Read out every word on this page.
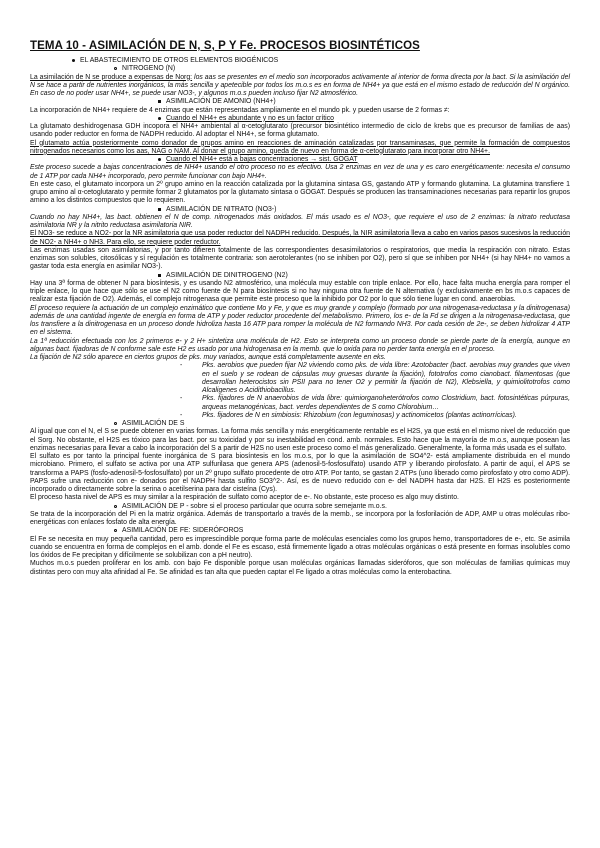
TEMA 10 - ASIMILACIÓN DE N, S, P Y Fe. PROCESOS BIOSINTÉTICOS
EL ABASTECIMIENTO DE OTROS ELEMENTOS BIOGÉNICOS
NITROGENO (N)

La asimilación de N se produce a expensas de Norg: los aas se presentes en el medio son incorporados activamente al interior de forma directa por la bact. Si la asimilación del N se hace a partir de nutrientes inorgánicos, la más sencilla y apetecible por todos los m.o.s es en forma de NH4+ ya que está en el mismo estado de reducción del N orgánico. En caso de no poder usar NH4+, se puede usar NO3-, y algunos m.o.s pueden incluso fijar N2 atmosférico.

ASIMILACIÓN DE AMONIO (NH4+)

La incorporación de NH4+ requiere de 4 enzimas que están representadas ampliamente en el mundo pk. y pueden usarse de 2 formas ≠:

Cuando el NH4+ es abundante y no es un factor crítico

La glutamato deshidrogenasa GDH incopora el NH4+ ambiental al α-cetoglutarato (precursor biosintético intermedio de ciclo de krebs que es precursor de familias de aas) usando poder reductor en forma de NADPH reducido. Al adoptar el NH4+, se forma glutamato.

El glutamato actúa posteriormente como donador de grupos amino en reacciones de aminación catalizadas por transaminasas, que permite la formación de compuestos nitrogenados necesarios como los aas, NAG o NAM. Al donar el grupo amino, queda de nuevo en forma de α-cetoglutarato para incorporar otro NH4+.

Cuando el NH4+ está a bajas concentraciones → sist. GOGAT

Este proceso sucede a bajas concentraciones de NH4+ usando el otro proceso no es efectivo. Usa 2 enzimas en vez de una y es caro energéticamente: necesita el consumo de 1 ATP por cada NH4+ incorporado, pero permite funcionar con bajo NH4+.

En este caso, el glutamato incorpora un 2º grupo amino en la reacción catalizada por la glutamina sintasa GS, gastando ATP y formando glutamina. La glutamina transfiere 1 grupo amino al α-cetoglutarato y permite formar 2 glutamatos por la glutamato sintasa o GOGAT. Después se producen las transaminaciones necesarias para repartir los grupos amino a los distintos compuestos que lo requieren.

ASIMILACIÓN DE NITRATO (NO3-)

Cuando no hay NH4+, las bact. obtienen el N de comp. nitrogenados más oxidados. El más usado es el NO3-, que requiere el uso de 2 enzimas: la nitrato reductasa asimilatoria NR y la nitrito reductasa asimilatoria NIR.

El NO3- se reduce a NO2- por la NR asimilatoria que usa poder reductor del NADPH reducido. Después, la NIR asimilatoria lleva a cabo en varios pasos sucesivos la reducción de NO2- a NH4+ o NH3. Para ello, se requiere poder reductor.

Las enzimas usadas son asimilatorias, y por tanto difieren totalmente de las correspondientes desasimilatorios o respiratorios, que media la respiración con nitrato. Estas enzimas son solubles, citosólicas y sí regulación es totalmente contraria: son aerotolerantes (no se inhiben por O2), pero sí que se inhiben por NH4+ (si hay NH4+ no vamos a gastar toda esta energía en asimilar NO3-).

ASIMILACIÓN DE DINITROGENO (N2)

Hay una 3ª forma de obtener N para biosíntesis, y es usando N2 atmosférico, una molécula muy estable con triple enlace. Por ello, hace falta mucha energía para romper el triple enlace, lo que hace que sólo se use el N2 como fuente de N para biosíntesis si no hay ninguna otra fuente de N alternativa (y exclusivamente en bs m.o.s capaces de realizar esta fijación de O2). Además, el complejo nitrogenasa que permite este proceso que la inhibido por O2 por lo que sólo tiene lugar en cond. anaerobias.

El proceso requiere la actuación de un complejo enzimático que contiene Mo y Fe, y que es muy grande y complejo (formado por una nitrogenasa-reductasa y la dinitrogenasa) además de una cantidad ingente de energía en forma de ATP y poder reductor procedente del metabolismo. Primero, los e- de la Fd se dirigen a la nitrogenasa-reductasa, que los transfiere a la dinitrogenasa en un proceso donde hidroliza hasta 16 ATP para romper la molécula de N2 formando NH3. Por cada cesión de 2e-, se deben hidrolizar 4 ATP en el sistema.

La 1ª reducción efectuada con los 2 primeros e- y 2 H+ sintetiza una molécula de H2. Esto se interpreta como un proceso donde se pierde parte de la energía, aunque en algunas bact. fijadoras de N conforme sale este H2 es usado por una hidrogenasa en la memb. que lo oxida para no perder tanta energía en el proceso.

La fijación de N2 sólo aparece en ciertos grupos de pks. muy variados, aunque está completamente ausente en eks.

-	Pks. aerobios que pueden fijar N2 viviendo como pks. de vida libre: Azotobacter (bact. aerobias muy grandes que viven en el suelo y se rodean de cápsulas muy gruesas durante la fijación), fototrofos como cianobact. filamentosas (que desarrollan heterocistos sin PSII para no tener O2 y permitir la fijación de N2), Klebsiella, y quimiolitotrofos como Alcaligenes o Acidithiobacillus.
-	Pks. fijadores de N anaerobios de vida libre: quimiorganoheterótrofos como Clostridium, bact. fotosintéticas púrpuras, arqueas metanogénicas, bact. verdes dependientes de S como Chlorobium…
-	Pks. fijadores de N en simbiosis: Rhizobium (con leguminosas) y actinomicetos (plantas actinorrícicas).
ASIMILACIÓN DE S

Al igual que con el N, el S se puede obtener en varias formas. La forma más sencilla y más energéticamente rentable es el H2S, ya que está en el mismo nivel de reducción que el Sorg. No obstante, el H2S es tóxico para las bact. por su toxicidad y por su inestabilidad en cond. amb. normales. Esto hace que la mayoría de m.o.s, aunque posean las enzimas necesarias para llevar a cabo la incorporación del S a partir de H2S no usen este proceso como el más generalizado. Generalmente, la forma más usada es el sulfato.

El sulfato es por tanto la principal fuente inorgánica de S para biosíntesis en los m.o.s, por lo que la asimilación de SO4^2- está ampliamente distribuida en el mundo microbiano. Primero, el sulfato se activa por una ATP sulfurilasa que genera APS (adenosil-5-fosfosulfato) usando ATP y liberando pirofosfato. A partir de aquí, el APS se transforma a PAPS (fosfo-adenosil-5-fosfosulfato) por un 2º grupo sulfato procedente de otro ATP. Por tanto, se gastan 2 ATPs (uno liberado como pirofosfato y otro como ADP). PAPS sufre una reducción con e- donados por el NADPH hasta sulfito SO3^2-. Así, es de nuevo reducido con e- del NADPH hasta dar H2S. El H2S es posteriormente incorporado o directamente sobre la serina o acetilserina para dar cisteína (Cys).

El proceso hasta nivel de APS es muy similar a la respiración de sulfato como aceptor de e-. No obstante, este proceso es algo muy distinto.

ASIMILACIÓN DE P - sobre si el proceso particular que ocurra sobre semejante m.o.s.

Se trata de la incorporación del Pi en la matriz orgánica. Además de transportarlo a través de la memb., se incorpora por la fosforilación de ADP, AMP u otras moléculas ribo-energéticas con enlaces fosfato de alta energía.

ASIMILACIÓN DE FE: SIDERÓFOROS

El Fe se necesita en muy pequeña cantidad, pero es imprescindible porque forma parte de moléculas esenciales como los grupos hemo, transportadores de e-, etc. Se asimila cuando se encuentra en forma de complejos en el amb. donde el Fe es escaso, está firmemente ligado a otras moléculas orgánicas o está presente en formas insolubles como los óxidos de Fe precipitan y difícilmente se solubilizan con a pH neutro).

Muchos m.o.s pueden proliferar en los amb. con bajo Fe disponible porque usan moléculas orgánicas llamadas sideróforos, que son moléculas de familias químicas muy distintas pero con muy alta afinidad al Fe. Se afinidad es tan alta que pueden captar el Fe ligado a otras moléculas como la enterobactina.
